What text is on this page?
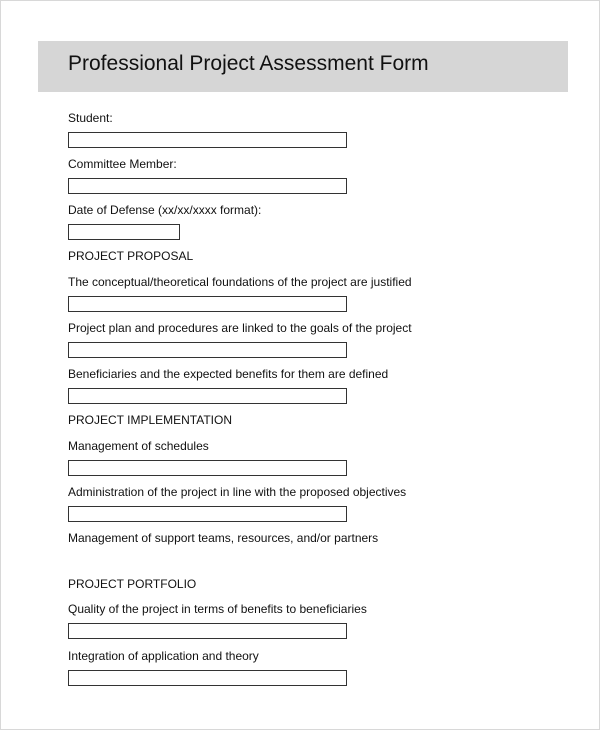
Professional Project Assessment Form
Student:
Committee Member:
Date of Defense (xx/xx/xxxx format):
PROJECT PROPOSAL
The conceptual/theoretical foundations of the project are justified
Project plan and procedures are linked to the goals of the project
Beneficiaries and the expected benefits for them are defined
PROJECT IMPLEMENTATION
Management of schedules
Administration of the project in line with the proposed objectives
Management of support teams, resources, and/or partners
PROJECT PORTFOLIO
Quality of the project in terms of benefits to beneficiaries
Integration of application and theory
